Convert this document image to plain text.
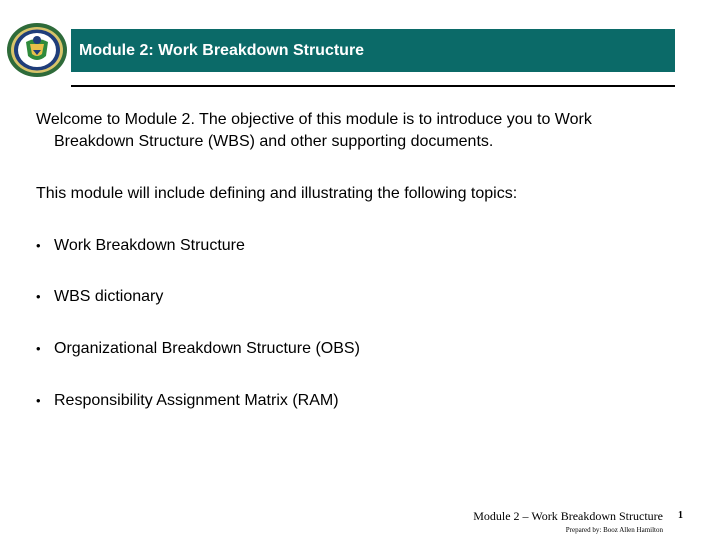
Module 2: Work Breakdown Structure
Welcome to Module 2. The objective of this module is to introduce you to Work
Breakdown Structure (WBS) and other supporting documents.
This module will include defining and illustrating the following topics:
• Work Breakdown Structure
• WBS dictionary
• Organizational Breakdown Structure (OBS)
• Responsibility Assignment Matrix (RAM)
Module 2 – Work Breakdown Structure
Prepared by: Booz Allen Hamilton
1
